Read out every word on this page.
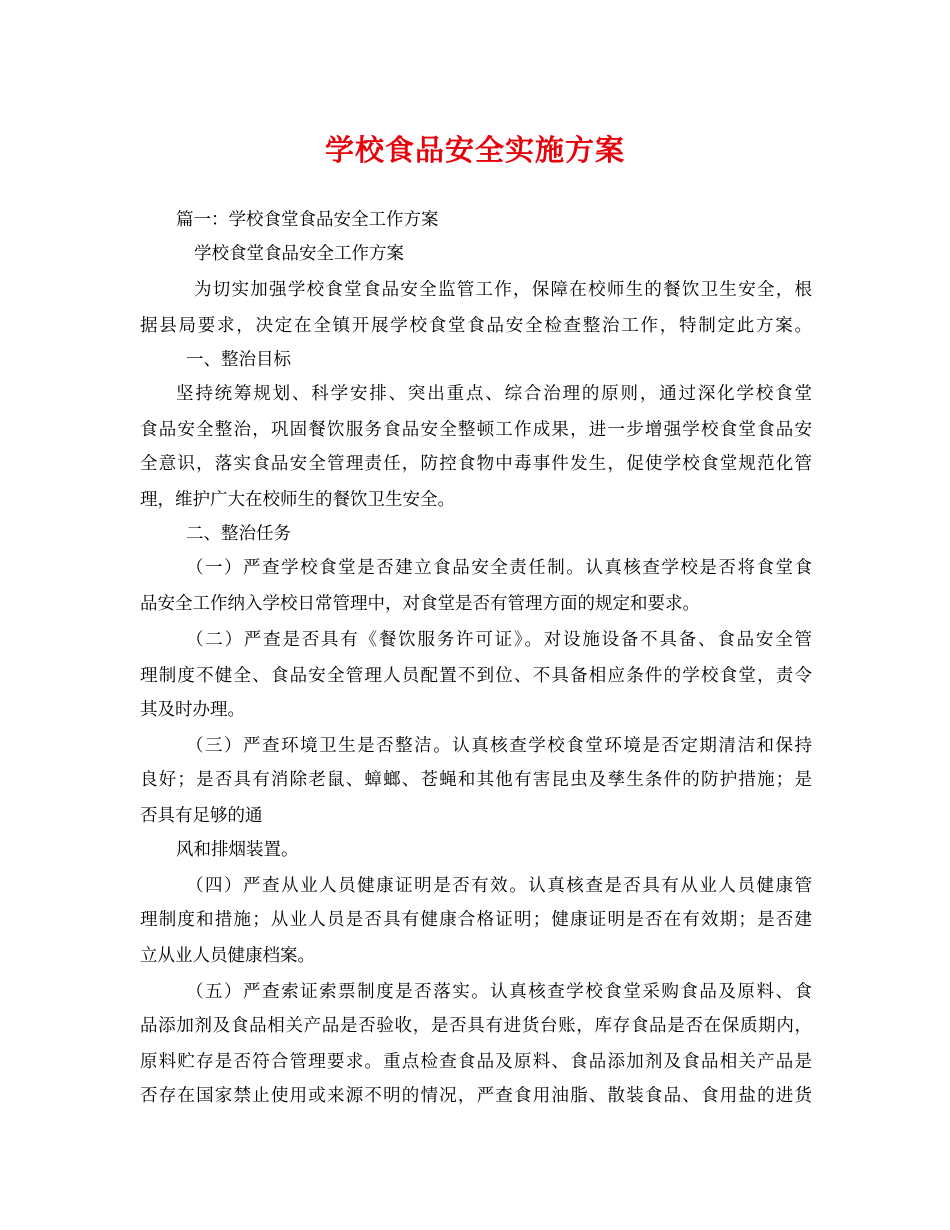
学校食品安全实施方案
篇一：学校食堂食品安全工作方案
学校食堂食品安全工作方案
为切实加强学校食堂食品安全监管工作，保障在校师生的餐饮卫生安全，根
据县局要求，决定在全镇开展学校食堂食品安全检查整治工作，特制定此方案。
一、整治目标
坚持统筹规划、科学安排、突出重点、综合治理的原则，通过深化学校食堂
食品安全整治，巩固餐饮服务食品安全整顿工作成果，进一步增强学校食堂食品安
全意识，落实食品安全管理责任，防控食物中毒事件发生，促使学校食堂规范化管
理，维护广大在校师生的餐饮卫生安全。
二、整治任务
（一）严查学校食堂是否建立食品安全责任制。认真核查学校是否将食堂食
品安全工作纳入学校日常管理中，对食堂是否有管理方面的规定和要求。
（二）严查是否具有《餐饮服务许可证》。对设施设备不具备、食品安全管
理制度不健全、食品安全管理人员配置不到位、不具备相应条件的学校食堂，责令
其及时办理。
（三）严查环境卫生是否整洁。认真核查学校食堂环境是否定期清洁和保持
良好；是否具有消除老鼠、蟑螂、苍蝇和其他有害昆虫及孳生条件的防护措施；是
否具有足够的通
风和排烟装置。
（四）严查从业人员健康证明是否有效。认真核查是否具有从业人员健康管
理制度和措施；从业人员是否具有健康合格证明；健康证明是否在有效期；是否建
立从业人员健康档案。
（五）严查索证索票制度是否落实。认真核查学校食堂采购食品及原料、食
品添加剂及食品相关产品是否验收，是否具有进货台账，库存食品是否在保质期内，
原料贮存是否符合管理要求。重点检查食品及原料、食品添加剂及食品相关产品是
否存在国家禁止使用或来源不明的情况，严查食用油脂、散装食品、食用盐的进货
